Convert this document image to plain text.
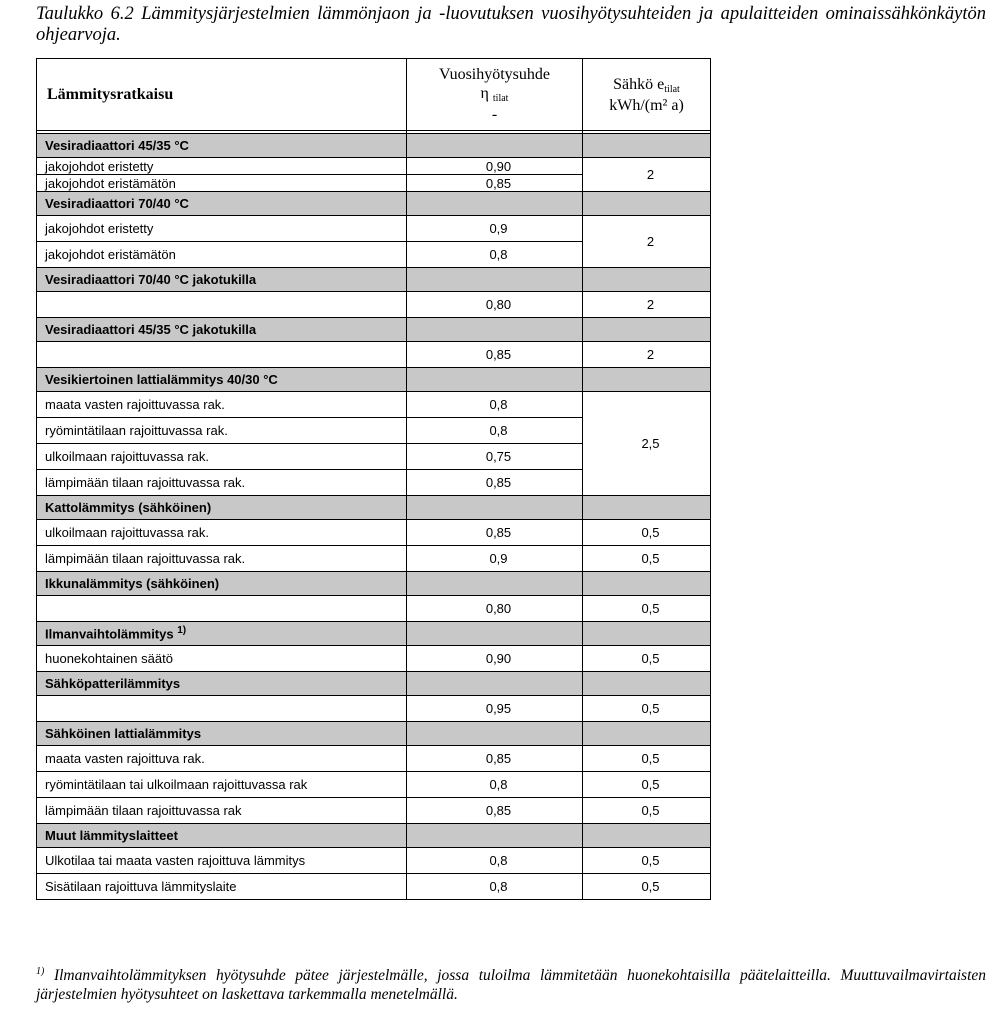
Taulukko 6.2 Lämmitysjärjestelmien lämmönjaon ja -luovutuksen vuosihyötysuhteiden ja apulaitteiden ominaissähkönkäytön ohjearvoja.

Lämmitysratkaisu	Vuosihyötysuhde
η tilat
-	Sähkö etilat
kWh/(m² a)

Vesiradiaattori 45/35 °C		
jakojohdot eristetty	0,90	2
jakojohdot eristämätön	0,85	
Vesiradiaattori 70/40 °C		
jakojohdot eristetty	0,9	2
jakojohdot eristämätön	0,8	
Vesiradiaattori 70/40 °C jakotukilla		
	0,80	2
Vesiradiaattori 45/35 °C jakotukilla		
	0,85	2
Vesikiertoinen lattialämmitys 40/30 °C		
maata vasten rajoittuvassa rak.	0,8	2,5
ryömintätilaan rajoittuvassa rak.	0,8	
ulkoilmaan rajoittuvassa rak.	0,75	
lämpimään tilaan rajoittuvassa rak.	0,85	
Kattolämmitys (sähköinen)		
ulkoilmaan rajoittuvassa rak.	0,85	0,5
lämpimään tilaan rajoittuvassa rak.	0,9	0,5
Ikkunalämmitys (sähköinen)		
	0,80	0,5
Ilmanvaihtolämmitys $^{1)}$		
huonekohtainen säätö	0,90	0,5
Sähköpatterilämmitys		
	0,95	0,5
Sähköinen lattialämmitys		
maata vasten rajoittuva rak.	0,85	0,5
ryömintätilaan tai ulkoilmaan rajoittuvassa rak	0,8	0,5
lämpimään tilaan rajoittuvassa rak	0,85	0,5
Muut lämmityslaitteet		
Ulkotilaa tai maata vasten rajoittuva lämmitys	0,8	0,5
Sisätilaan rajoittuva lämmityslaite	0,8	0,5

$^{1)}$ Ilmanvaihtolämmityksen hyötysuhde pätee järjestelmälle, jossa tuloilma lämmitetään huonekohtaisilla päätelaitteilla. Muuttuvailmavirtaisten järjestelmien hyötysuhteet on laskettava tarkemmalla menetelmällä.
